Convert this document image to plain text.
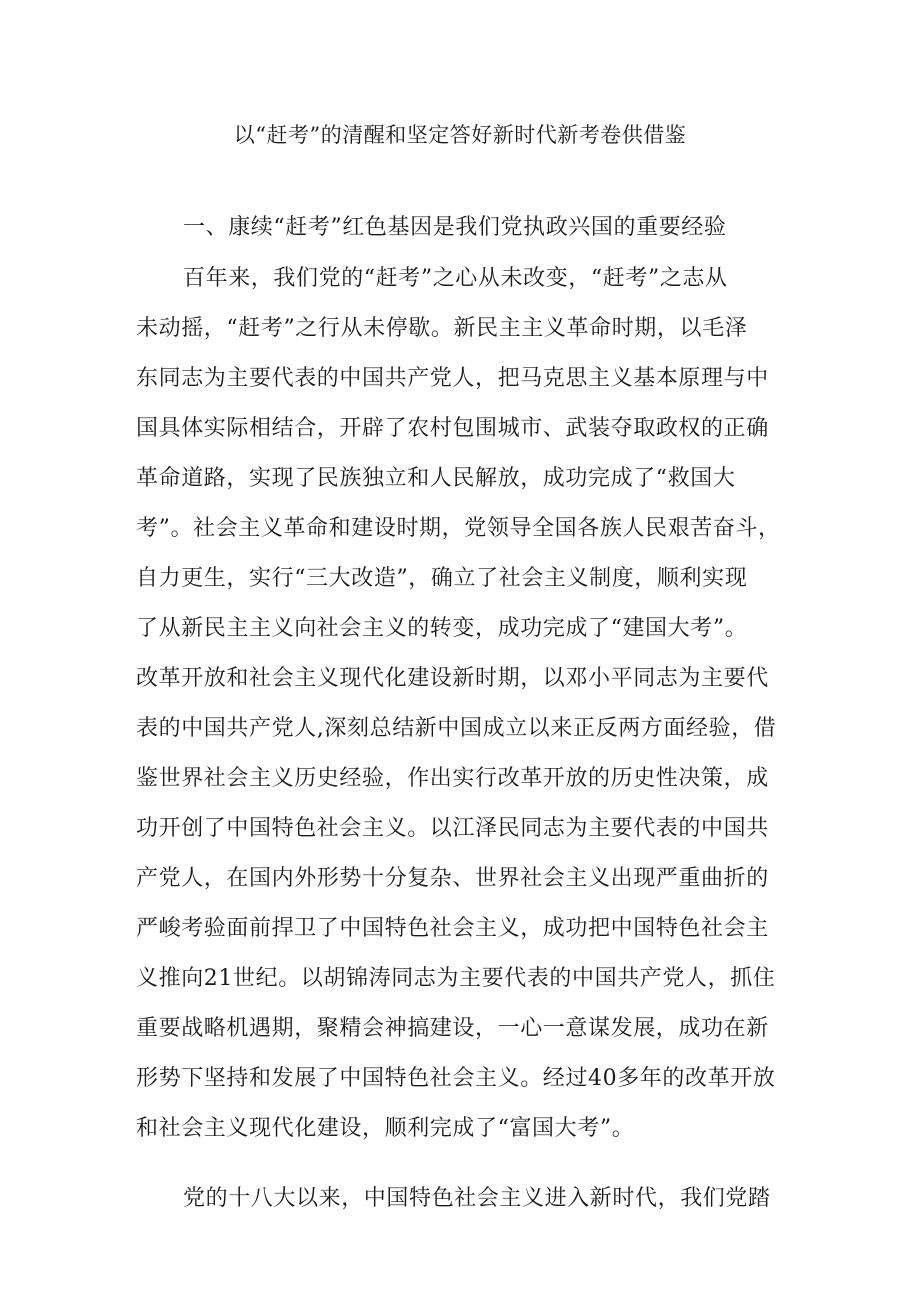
以“赶考”的清醒和坚定答好新时代新考卷供借鉴
一、康续“赶考”红色基因是我们党执政兴国的重要经验
百年来，我们党的“赶考”之心从未改变，“赶考”之志从
未动摇，“赶考”之行从未停歇。新民主主义革命时期，以毛泽
东同志为主要代表的中国共产党人，把马克思主义基本原理与中
国具体实际相结合，开辟了农村包围城市、武装夺取政权的正确
革命道路，实现了民族独立和人民解放，成功完成了“救国大
考”。社会主义革命和建设时期，党领导全国各族人民艰苦奋斗，
自力更生，实行“三大改造”，确立了社会主义制度，顺利实现
了从新民主主义向社会主义的转变，成功完成了“建国大考”。
改革开放和社会主义现代化建设新时期，以邓小平同志为主要代
表的中国共产党人,深刻总结新中国成立以来正反两方面经验，借
鉴世界社会主义历史经验，作出实行改革开放的历史性决策，成
功开创了中国特色社会主义。以江泽民同志为主要代表的中国共
产党人，在国内外形势十分复杂、世界社会主义出现严重曲折的
严峻考验面前捍卫了中国特色社会主义，成功把中国特色社会主
义推向21世纪。以胡锦涛同志为主要代表的中国共产党人，抓住
重要战略机遇期，聚精会神搞建设，一心一意谋发展，成功在新
形势下坚持和发展了中国特色社会主义。经过40多年的改革开放
和社会主义现代化建设，顺利完成了“富国大考”。
党的十八大以来，中国特色社会主义进入新时代，我们党踏
